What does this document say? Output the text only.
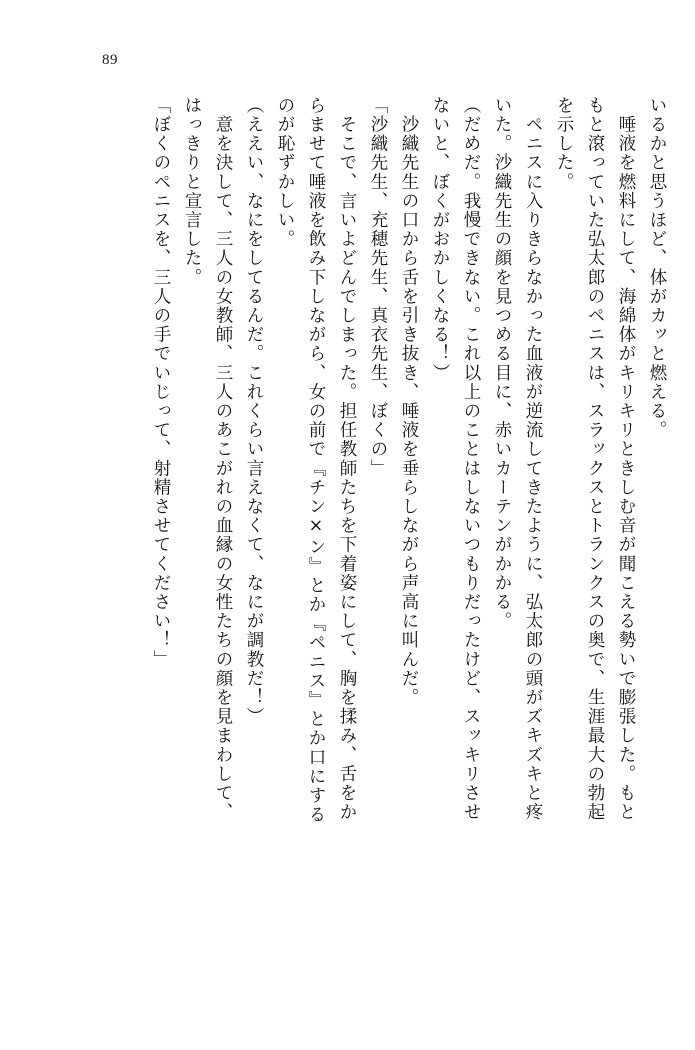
89
いるかと思うほど、体がカッと燃える。
　唾液を燃料にして、海綿体がキリキリときしむ音が聞こえる勢いで膨張した。もと
もと滾っていた弘太郎のペニスは、スラックスとトランクスの奥で、生涯最大の勃起
を示した。
　ペニスに入りきらなかった血液が逆流してきたように、弘太郎の頭がズキズキと疼
いた。沙織先生の顔を見つめる目に、赤いカーテンがかかる。
（だめだ。我慢できない。これ以上のことはしないつもりだったけど、スッキリさせ
ないと、ぼくがおかしくなる！）
　沙織先生の口から舌を引き抜き、唾液を垂らしながら声高に叫んだ。
「沙織先生、充穂先生、真衣先生、ぼくの」
　そこで、言いよどんでしまった。担任教師たちを下着姿にして、胸を揉み、舌をか
らませて唾液を飲み下しながら、女の前で『チン×ン』とか『ペニス』とか口にする
のが恥ずかしい。
（ええい、なにをしてるんだ。これくらい言えなくて、なにが調教だ！）
　意を決して、三人の女教師、三人のあこがれの血縁の女性たちの顔を見まわして、
はっきりと宣言した。
「ぼくのペニスを、三人の手でいじって、射精させてください！」
